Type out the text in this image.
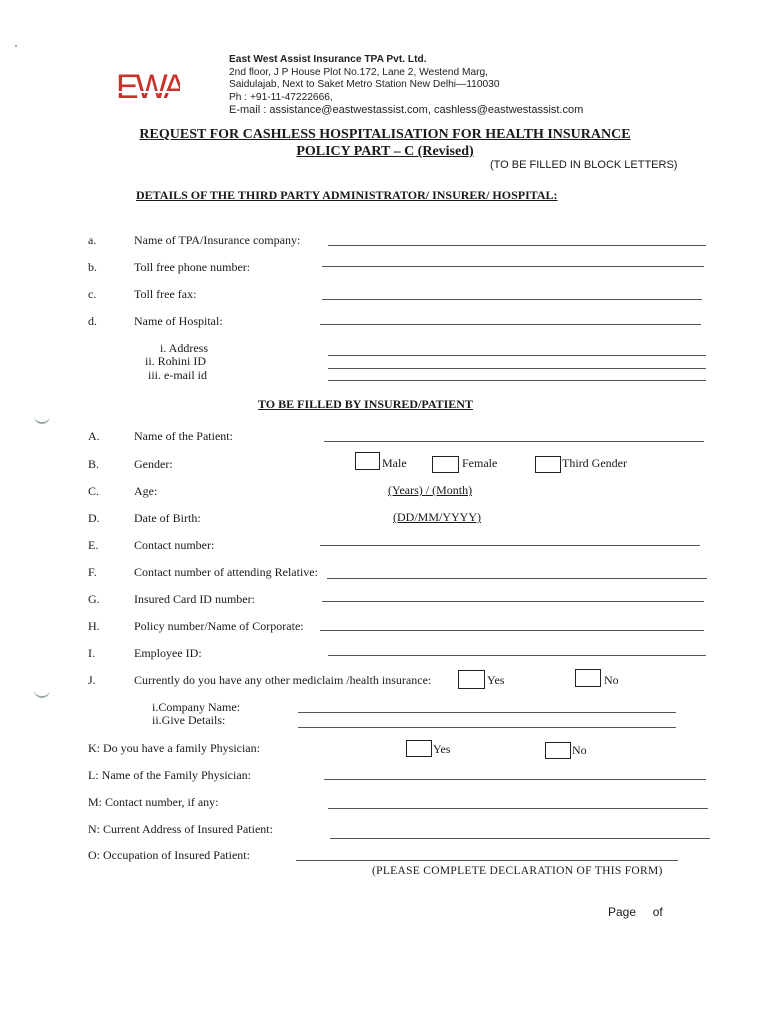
EWA
East West Assist Insurance TPA Pvt. Ltd.
2nd floor, J P House Plot No.172, Lane 2, Westend Marg,
Saidulajab, Next to Saket Metro Station New Delhi—110030
Ph : +91-11-47222666,
E-mail : assistance@eastwestassist.com, cashless@eastwestassist.com
REQUEST FOR CASHLESS HOSPITALISATION FOR HEALTH INSURANCE
POLICY PART – C (Revised)
(TO BE FILLED IN BLOCK LETTERS)
DETAILS OF THE THIRD PARTY ADMINISTRATOR/ INSURER/ HOSPITAL:
a.	Name of TPA/Insurance company:
b.	Toll free phone number:
c.	Toll free fax:
d.	Name of Hospital:
i. Address
ii. Rohini ID
iii. e-mail id
TO BE FILLED BY INSURED/PATIENT
A.	Name of the Patient:
B.	Gender:	Male	Female	Third Gender
C.	Age:	(Years) / (Month)
D.	Date of Birth:	(DD/MM/YYYY)
E.	Contact number:
F.	Contact number of attending Relative:
G.	Insured Card ID number:
H.	Policy number/Name of Corporate:
I.	Employee ID:
J.	Currently do you have any other mediclaim /health insurance:	Yes	No
i.Company Name:
ii.Give Details:
K: Do you have a family Physician:	Yes	No
L: Name of the Family Physician:
M: Contact number, if any:
N: Current Address of Insured Patient:
O: Occupation of Insured Patient:
(PLEASE COMPLETE DECLARATION OF THIS FORM)
Page of
